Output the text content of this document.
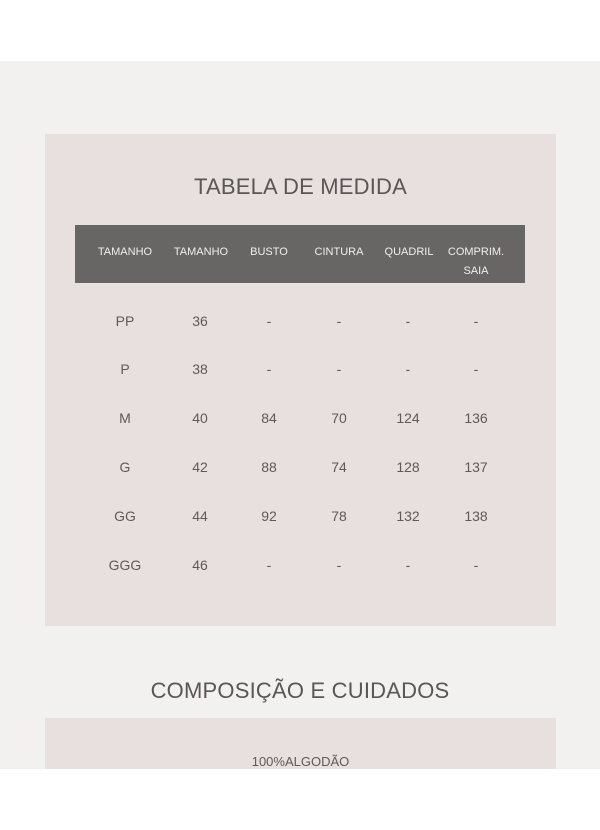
TABELA DE MEDIDA
TAMANHO	TAMANHO	BUSTO	CINTURA	QUADRIL	COMPRIM.
SAIA
PP	36	-	-	-	-
P	38	-	-	-	-
M	40	84	70	124	136
G	42	88	74	128	137
GG	44	92	78	132	138
GGG	46	-	-	-	-
COMPOSIÇÃO E CUIDADOS
100%ALGODÃO
